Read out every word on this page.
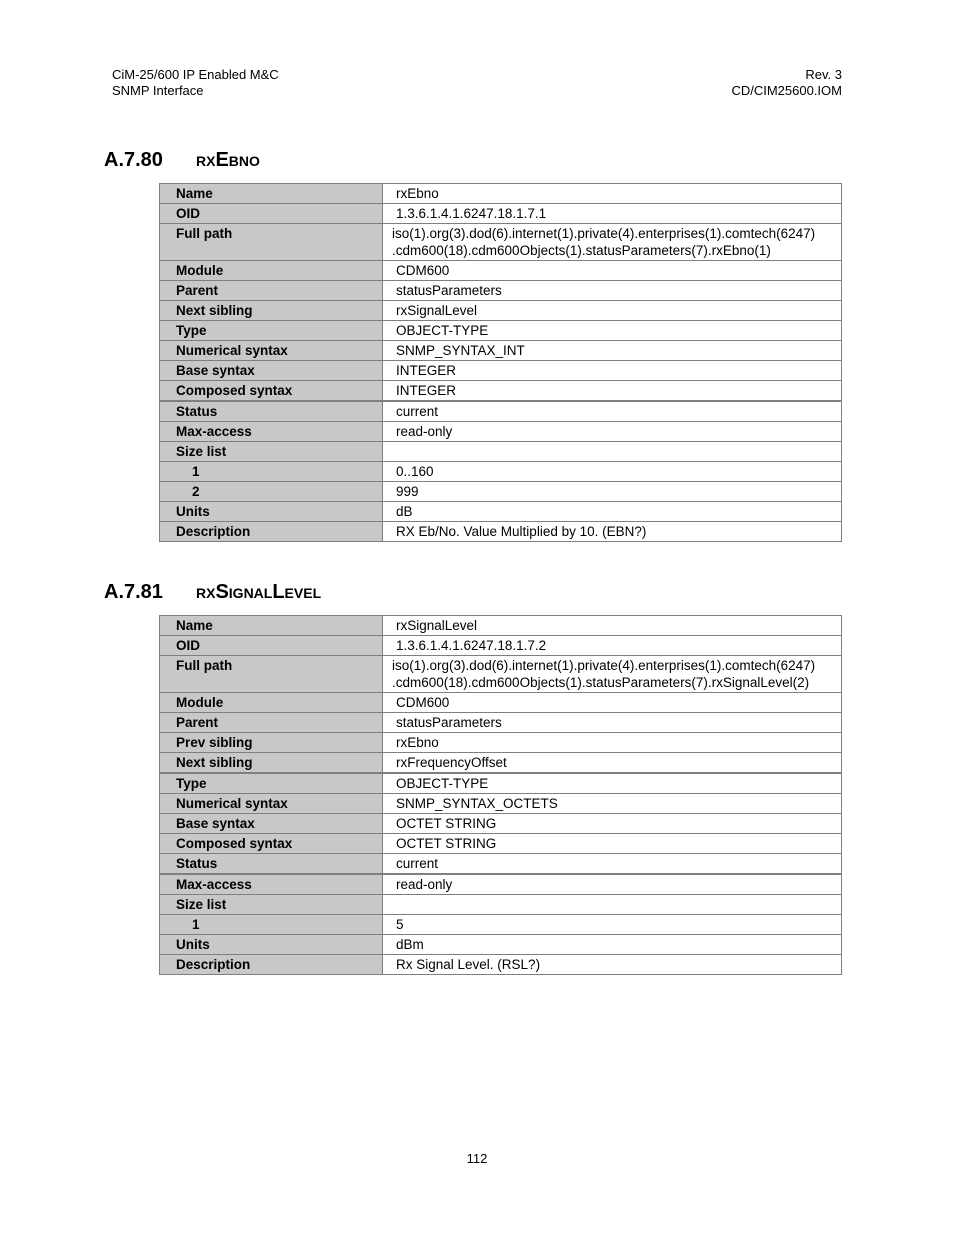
CiM-25/600 IP Enabled M&C
SNMP Interface
Rev. 3
CD/CIM25600.IOM
A.7.80 rxEbno
Name	rxEbno
OID	1.3.6.1.4.1.6247.18.1.7.1
Full path	iso(1).org(3).dod(6).internet(1).private(4).enterprises(1).comtech(6247)
.cdm600(18).cdm600Objects(1).statusParameters(7).rxEbno(1)

Module	CDM600
Parent	statusParameters
Next sibling	rxSignalLevel
Type	OBJECT-TYPE
Numerical syntax	SNMP_SYNTAX_INT
Base syntax	INTEGER
Composed syntax	INTEGER
Status	current
Max-access	read-only
Size list	
1	0..160
2	999
Units	dB
Description	RX Eb/No. Value Multiplied by 10. (EBN?)
A.7.81 rxSignalLevel
Name	rxSignalLevel
OID	1.3.6.1.4.1.6247.18.1.7.2
Full path	iso(1).org(3).dod(6).internet(1).private(4).enterprises(1).comtech(6247)
.cdm600(18).cdm600Objects(1).statusParameters(7).rxSignalLevel(2)

Module	CDM600
Parent	statusParameters
Prev sibling	rxEbno
Next sibling	rxFrequencyOffset
Type	OBJECT-TYPE
Numerical syntax	SNMP_SYNTAX_OCTETS
Base syntax	OCTET STRING
Composed syntax	OCTET STRING
Status	current
Max-access	read-only
Size list	
1	5
Units	dBm
Description	Rx Signal Level. (RSL?)
112
